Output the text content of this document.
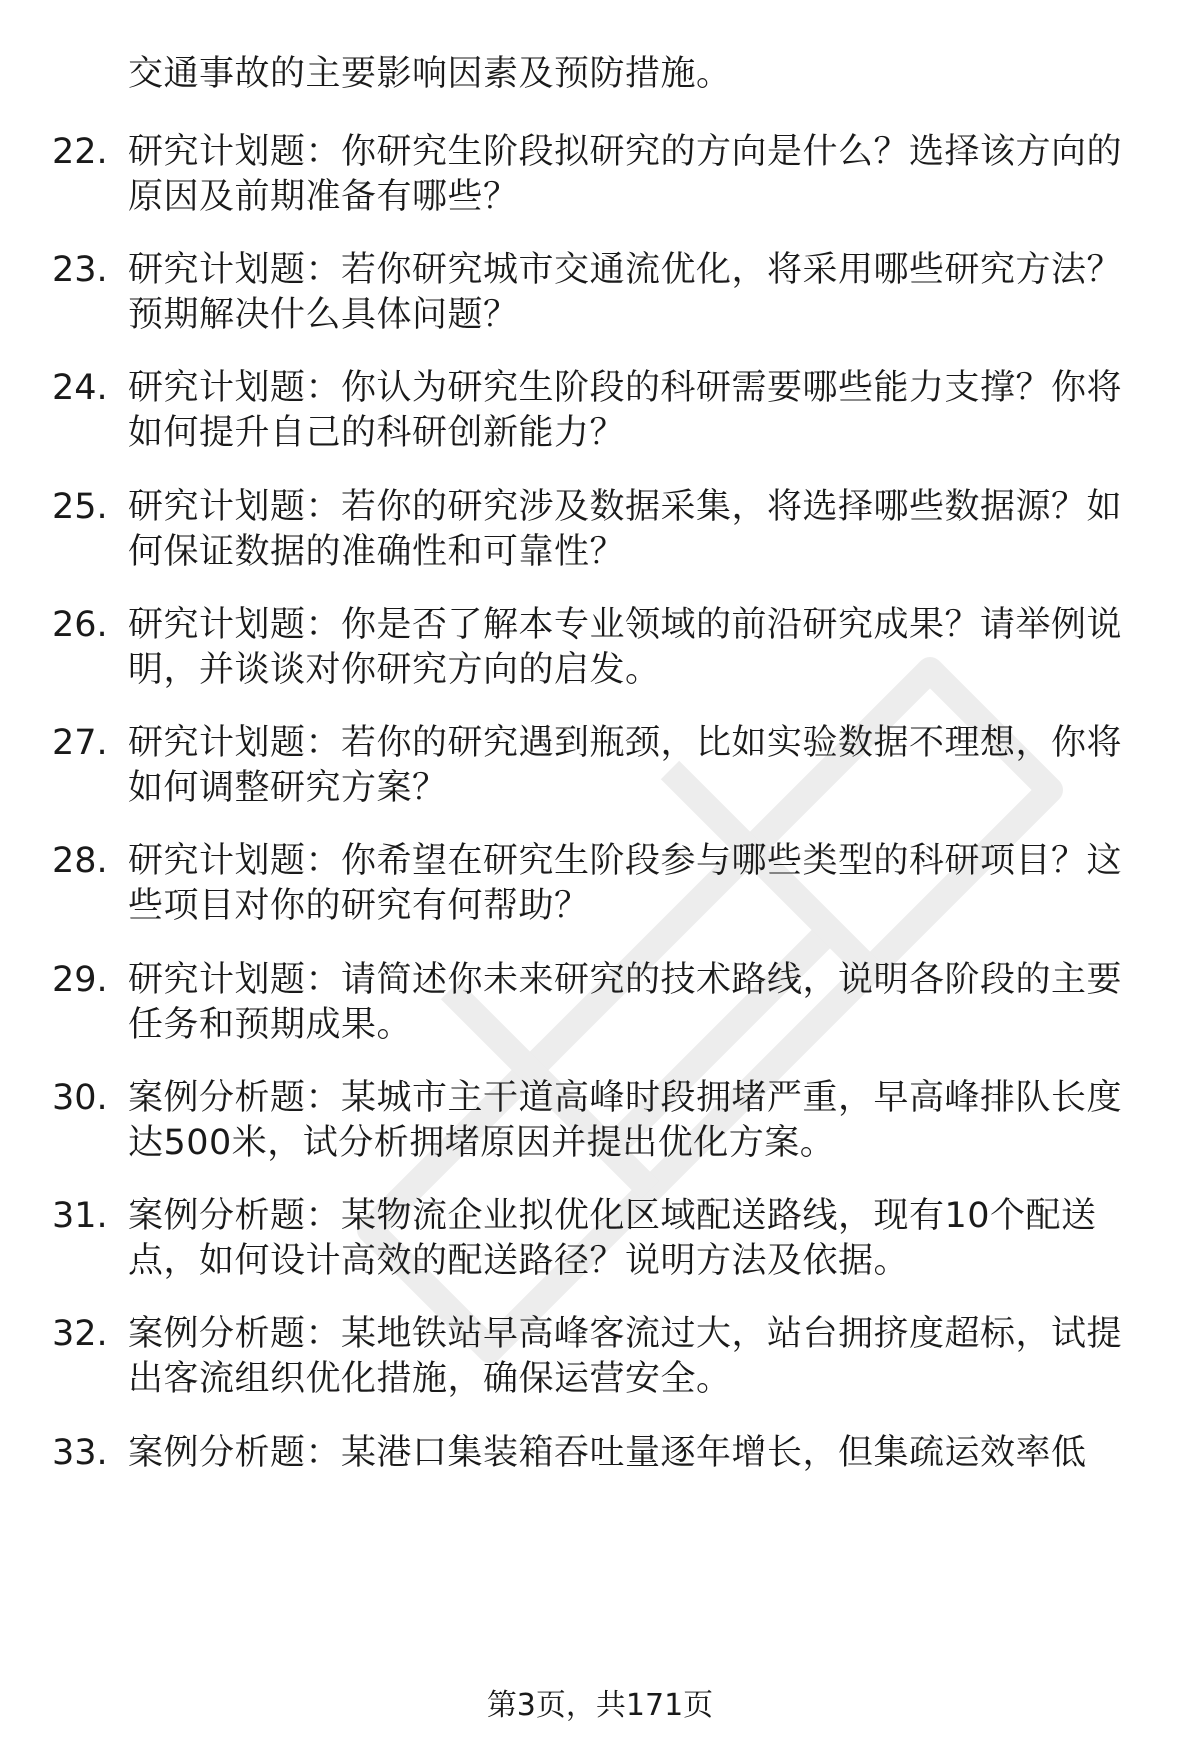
交通事故的主要影响因素及预防措施。
22. 研究计划题：你研究生阶段拟研究的方向是什么？选择该方向的
原因及前期准备有哪些？
23. 研究计划题：若你研究城市交通流优化，将采用哪些研究方法？
预期解决什么具体问题？
24. 研究计划题：你认为研究生阶段的科研需要哪些能力支撑？你将
如何提升自己的科研创新能力？
25. 研究计划题：若你的研究涉及数据采集，将选择哪些数据源？如
何保证数据的准确性和可靠性？
26. 研究计划题：你是否了解本专业领域的前沿研究成果？请举例说
明，并谈谈对你研究方向的启发。
27. 研究计划题：若你的研究遇到瓶颈，比如实验数据不理想，你将
如何调整研究方案？
28. 研究计划题：你希望在研究生阶段参与哪些类型的科研项目？这
些项目对你的研究有何帮助？
29. 研究计划题：请简述你未来研究的技术路线，说明各阶段的主要
任务和预期成果。
30. 案例分析题：某城市主干道高峰时段拥堵严重，早高峰排队长度
达500米，试分析拥堵原因并提出优化方案。
31. 案例分析题：某物流企业拟优化区域配送路线，现有10个配送
点，如何设计高效的配送路径？说明方法及依据。
32. 案例分析题：某地铁站早高峰客流过大，站台拥挤度超标，试提
出客流组织优化措施，确保运营安全。
33. 案例分析题：某港口集装箱吞吐量逐年增长，但集疏运效率低
第3页，共171页
